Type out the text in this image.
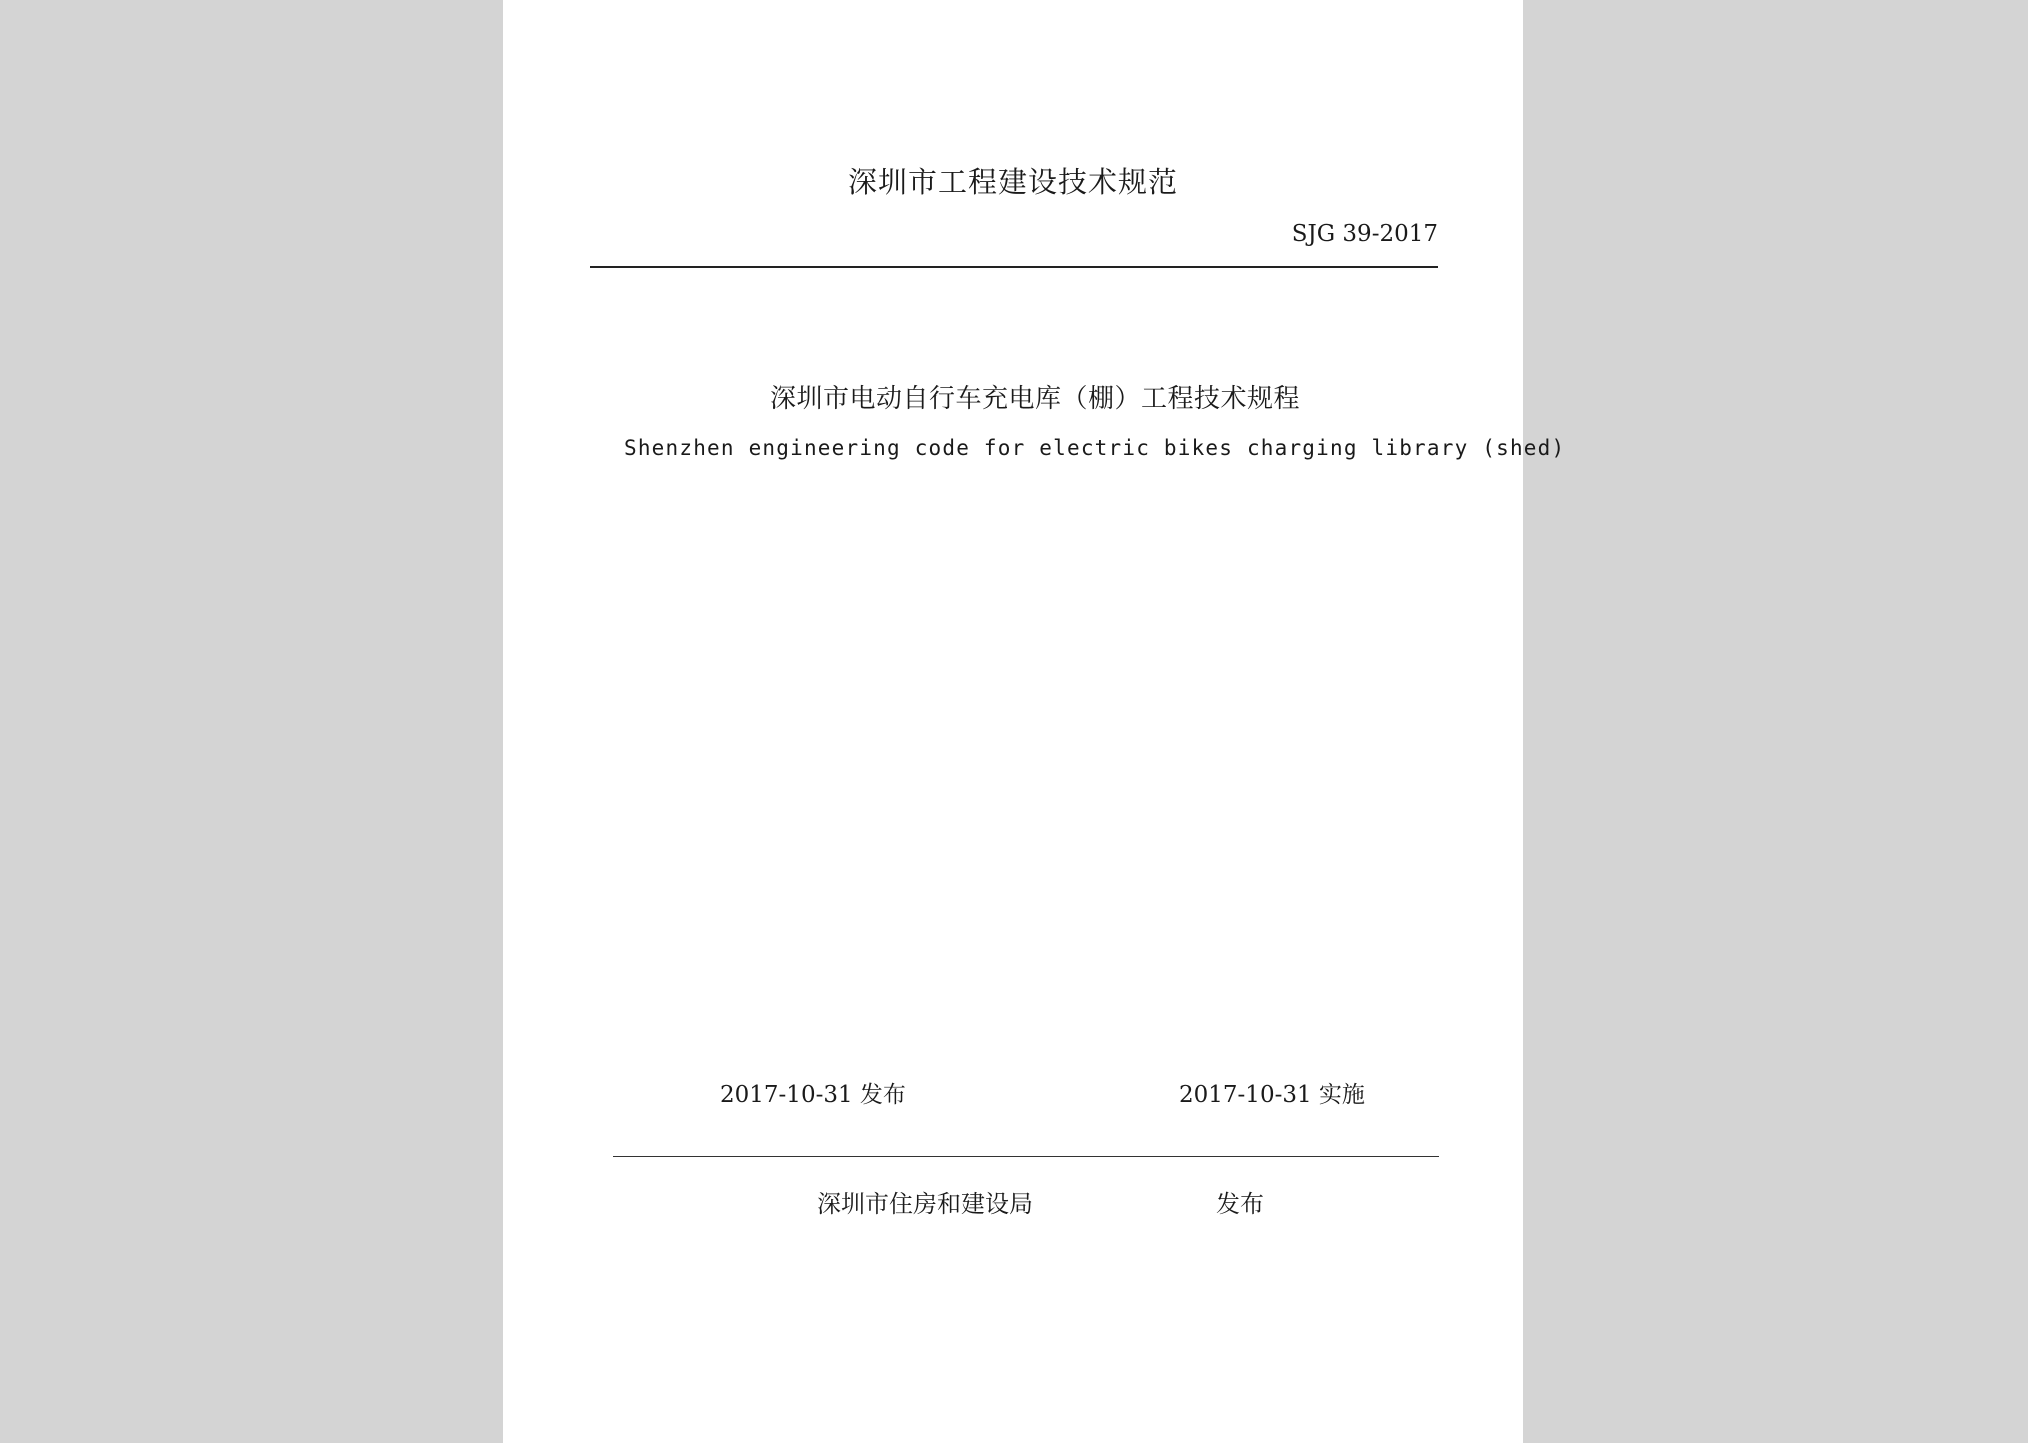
深圳市工程建设技术规范
SJG 39-2017
深圳市电动自行车充电库（棚）工程技术规程
Shenzhen engineering code for electric bikes charging library (shed)
2017-10-31 发布	2017-10-31 实施
深圳市住房和建设局	发布
